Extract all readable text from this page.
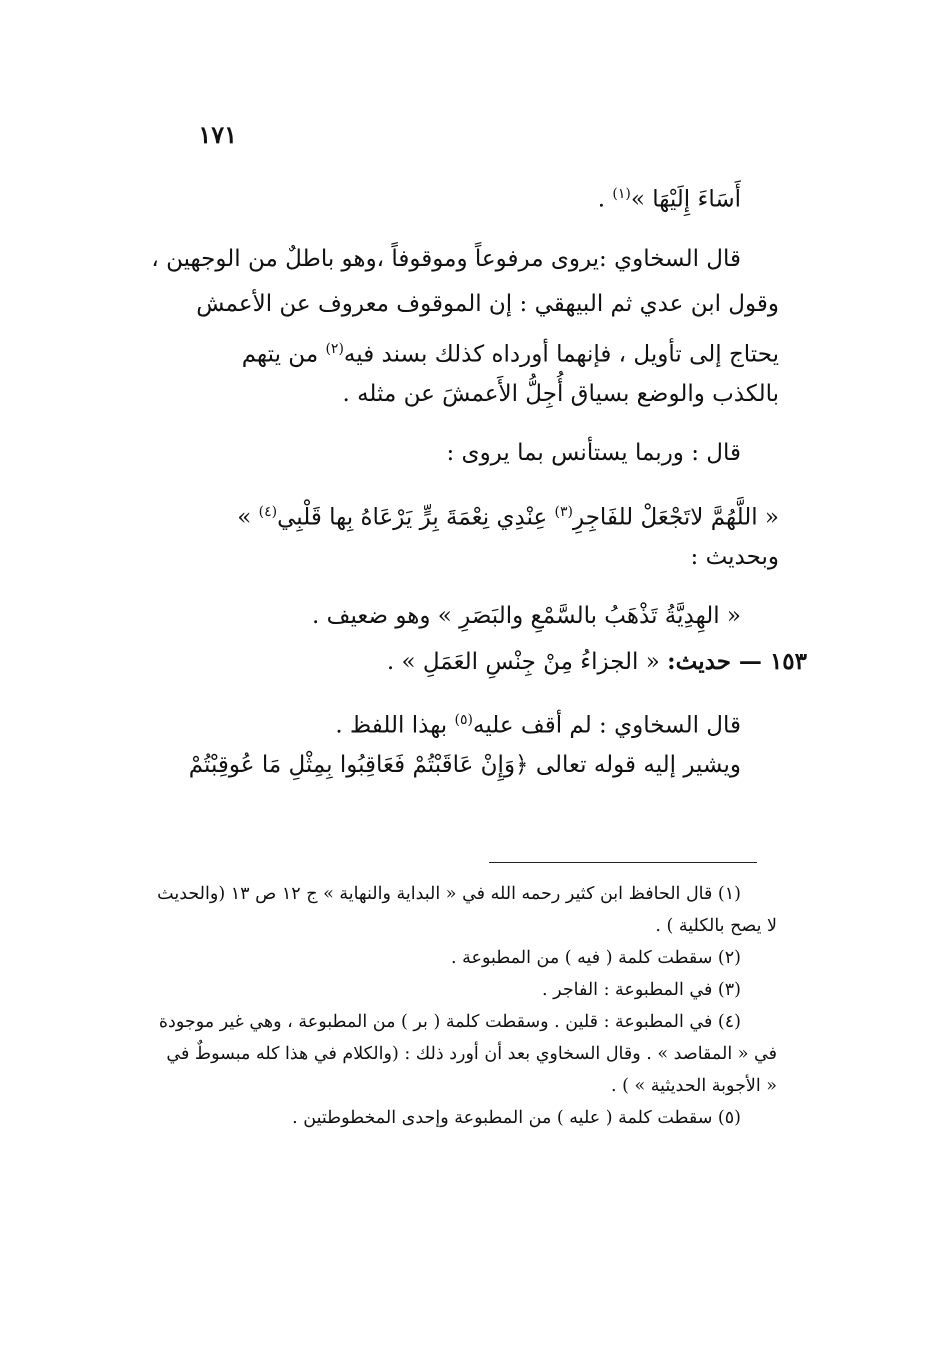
١٧١
أَسَاءَ إِلَيْهَا »$^{(١)}$ .
قال السخاوي :يروى مرفوعاً وموقوفاً ،وهو باطلٌ من الوجهين ،
وقول ابن عدي ثم البيهقي : إن الموقوف معروف عن الأعمش
يحتاج إلى تأويل ، فإنهما أورداه كذلك بسند فيه$^{(٢)}$ من يتهم
بالكذب والوضع بسياق أُجِلُّ الأَعمشَ عن مثله .
قال : وربما يستأنس بما يروى :
« اللَّهُمَّ لاتَجْعَلْ للفَاجِرِ$^{(٣)}$ عِنْدِي نِعْمَةَ بِرٍّ يَرْعَاهُ بِها قَلْبِي$^{(٤)}$ »
وبحديث :
« الهِدِيَّةُ تَذْهَبُ بالسَّمْعِ والبَصَرِ » وهو ضعيف .
١٥٣ — حديث: « الجزاءُ مِنْ جِنْسِ العَمَلِ » .
قال السخاوي : لم أقف عليه$^{(٥)}$ بهذا اللفظ .
ويشير إليه قوله تعالى ﴿وَإِنْ عَاقَبْتُمْ فَعَاقِبُوا بِمِثْلِ مَا عُوقِبْتُمْ
(١) قال الحافظ ابن كثير رحمه الله في « البداية والنهاية » ج ١٢ ص ١٣ (والحديث
لا يصح بالكلية ) .
(٢) سقطت كلمة ( فيه ) من المطبوعة .
(٣) في المطبوعة : الفاجر .
(٤) في المطبوعة : قلين . وسقطت كلمة ( بر ) من المطبوعة ، وهي غير موجودة
في « المقاصد » . وقال السخاوي بعد أن أورد ذلك : (والكلام في هذا كله مبسوطٌ في
« الأجوبة الحديثية » ) .
(٥) سقطت كلمة ( عليه ) من المطبوعة وإحدى المخطوطتين .
